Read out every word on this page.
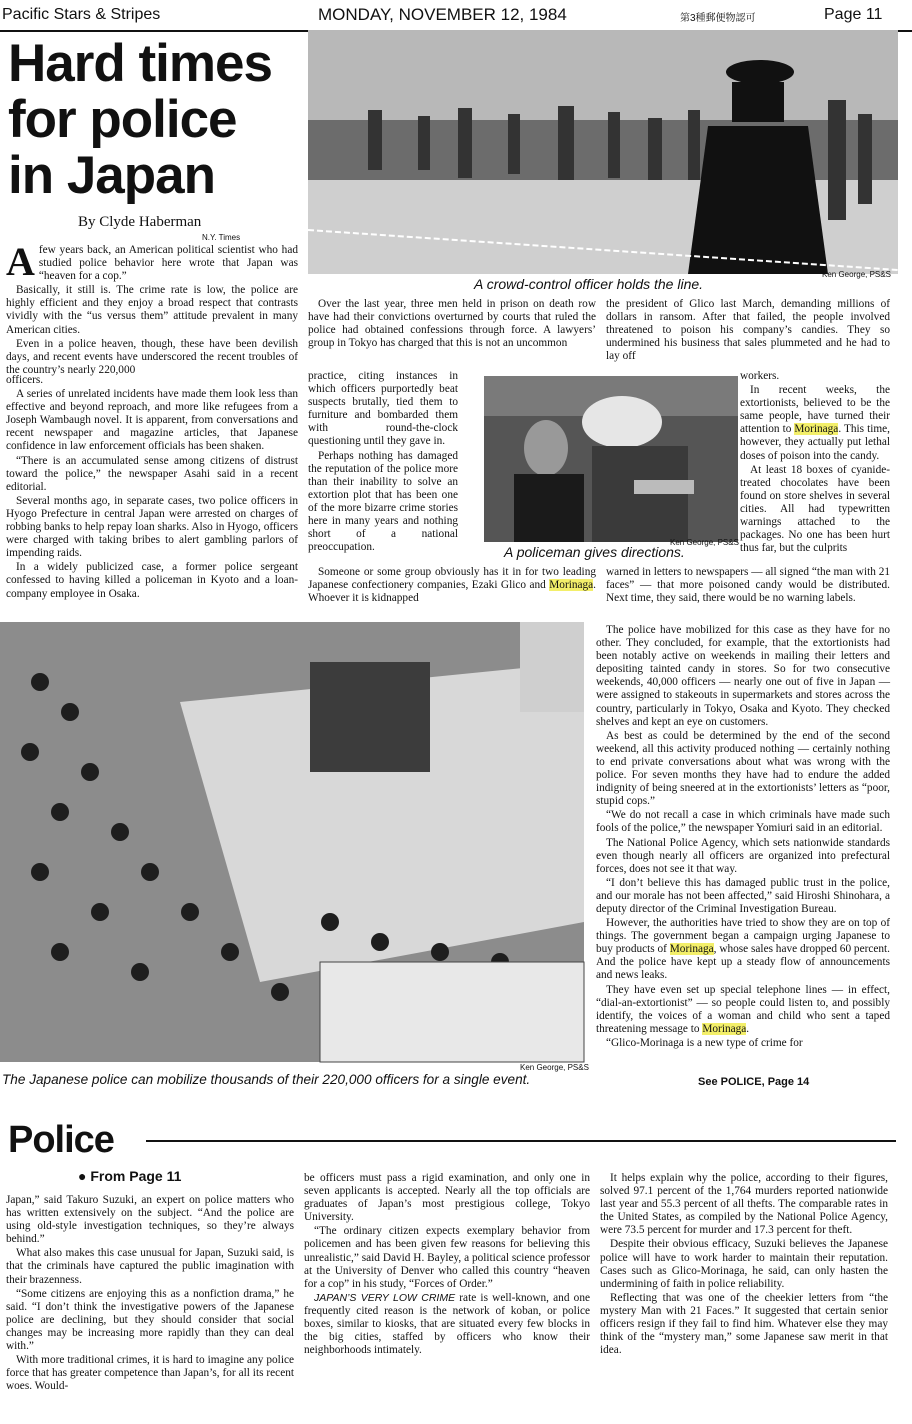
Pacific Stars & Stripes	MONDAY, NOVEMBER 12, 1984	第3種郵便物認可	Page 11
Hard times
for police
in Japan
By Clyde Haberman
N.Y. Times
A crowd-control officer holds the line.
Ken George, PS&S

Afew years back, an American political scientist who had studied police behavior here wrote that Japan was “heaven for a cop.”

Basically, it still is. The crime rate is low, the police are highly efficient and they enjoy a broad respect that contrasts vividly with the “us versus them” attitude prevalent in many American cities.

Even in a police heaven, though, these have been devilish days, and recent events have underscored the recent troubles of the country’s nearly 220,000

officers.

A series of unrelated incidents have made them look less than effective and beyond reproach, and more like refugees from a Joseph Wambaugh novel. It is apparent, from conversations and recent newspaper and magazine articles, that Japanese confidence in law enforcement officials has been shaken.

“There is an accumulated sense among citizens of distrust toward the police,” the newspaper Asahi said in a recent editorial.

Several months ago, in separate cases, two police officers in Hyogo Prefecture in central Japan were arrested on charges of robbing banks to help repay loan sharks. Also in Hyogo, officers were charged with taking bribes to alert gambling parlors of impending raids.

In a widely publicized case, a former police sergeant confessed to having killed a policeman in Kyoto and a loan-company employee in Osaka.

Over the last year, three men held in prison on death row have had their convictions overturned by courts that ruled the police had obtained confessions through force. A lawyers’ group in Tokyo has charged that this is not an uncommon

practice, citing instances in which officers purportedly beat suspects brutally, tied them to furniture and bombarded them with round-the-clock questioning until they gave in.

Perhaps nothing has damaged the reputation of the police more than their inability to solve an extortion plot that has been one of the more bizarre crime stories here in many years and nothing short of a national preoccupation.

Someone or some group obviously has it in for two leading Japanese confectionery companies, Ezaki Glico and Morinaga. Whoever it is kidnapped

A policeman gives directions.
Ken George, PS&S

the president of Glico last March, demanding millions of dollars in ransom. After that failed, the people involved threatened to poison his company’s candies. They so undermined his business that sales plummeted and he had to lay off

workers.

In recent weeks, the extortionists, believed to be the same people, have turned their attention to Morinaga. This time, however, they actually put lethal doses of poison into the candy.

At least 18 boxes of cyanide-treated chocolates have been found on store shelves in several cities. All had typewritten warnings attached to the packages. No one has been hurt thus far, but the culprits

warned in letters to newspapers — all signed “the man with 21 faces” — that more poisoned candy would be distributed. Next time, they said, there would be no warning labels.

The police have mobilized for this case as they have for no other. They concluded, for example, that the extortionists had been notably active on weekends in mailing their letters and depositing tainted candy in stores. So for two consecutive weekends, 40,000 officers — nearly one out of five in Japan — were assigned to stakeouts in supermarkets and stores across the country, particularly in Tokyo, Osaka and Kyoto. They checked shelves and kept an eye on customers.

As best as could be determined by the end of the second weekend, all this activity produced nothing — certainly nothing to end private conversations about what was wrong with the police. For seven months they have had to endure the added indignity of being sneered at in the extortionists’ letters as “poor, stupid cops.”

“We do not recall a case in which criminals have made such fools of the police,” the newspaper Yomiuri said in an editorial.

The National Police Agency, which sets nationwide standards even though nearly all officers are organized into prefectural forces, does not see it that way.

“I don’t believe this has damaged public trust in the police, and our morale has not been affected,” said Hiroshi Shinohara, a deputy director of the Criminal Investigation Bureau.

However, the authorities have tried to show they are on top of things. The government began a campaign urging Japanese to buy products of Morinaga, whose sales have dropped 60 percent. And the police have kept up a steady flow of announcements and news leaks.

They have even set up special telephone lines — in effect, “dial-an-extortionist” — so people could listen to, and possibly identify, the voices of a woman and child who sent a taped threatening message to Morinaga.

“Glico-Morinaga is a new type of crime for

See POLICE, Page 14
The Japanese police can mobilize thousands of their 220,000 officers for a single event.
Ken George, PS&S
Police
● From Page 11

Japan,” said Takuro Suzuki, an expert on police matters who has written extensively on the subject. “And the police are using old-style investigation techniques, so they’re always behind.”

What also makes this case unusual for Japan, Suzuki said, is that the criminals have captured the public imagination with their brazenness.

“Some citizens are enjoying this as a nonfiction drama,” he said. “I don’t think the investigative powers of the Japanese police are declining, but they should consider that social changes may be increasing more rapidly than they can deal with.”

With more traditional crimes, it is hard to imagine any police force that has greater competence than Japan’s, for all its recent woes. Would-

be officers must pass a rigid examination, and only one in seven applicants is accepted. Nearly all the top officials are graduates of Japan’s most prestigious college, Tokyo University.

“The ordinary citizen expects exemplary behavior from policemen and has been given few reasons for believing this unrealistic,” said David H. Bayley, a political science professor at the University of Denver who called this country “heaven for a cop” in his study, “Forces of Order.”

JAPAN’S VERY LOW CRIME rate is well-known, and one frequently cited reason is the network of koban, or police boxes, similar to kiosks, that are situated every few blocks in the big cities, staffed by officers who know their neighborhoods intimately.

It helps explain why the police, according to their figures, solved 97.1 percent of the 1,764 murders reported nationwide last year and 55.3 percent of all thefts. The comparable rates in the United States, as compiled by the National Police Agency, were 73.5 percent for murder and 17.3 percent for theft.

Despite their obvious efficacy, Suzuki believes the Japanese police will have to work harder to maintain their reputation. Cases such as Glico-Morinaga, he said, can only hasten the undermining of faith in police reliability.

Reflecting that was one of the cheekier letters from “the mystery Man with 21 Faces.” It suggested that certain senior officers resign if they fail to find him. Whatever else they may think of the “mystery man,” some Japanese saw merit in that idea.
